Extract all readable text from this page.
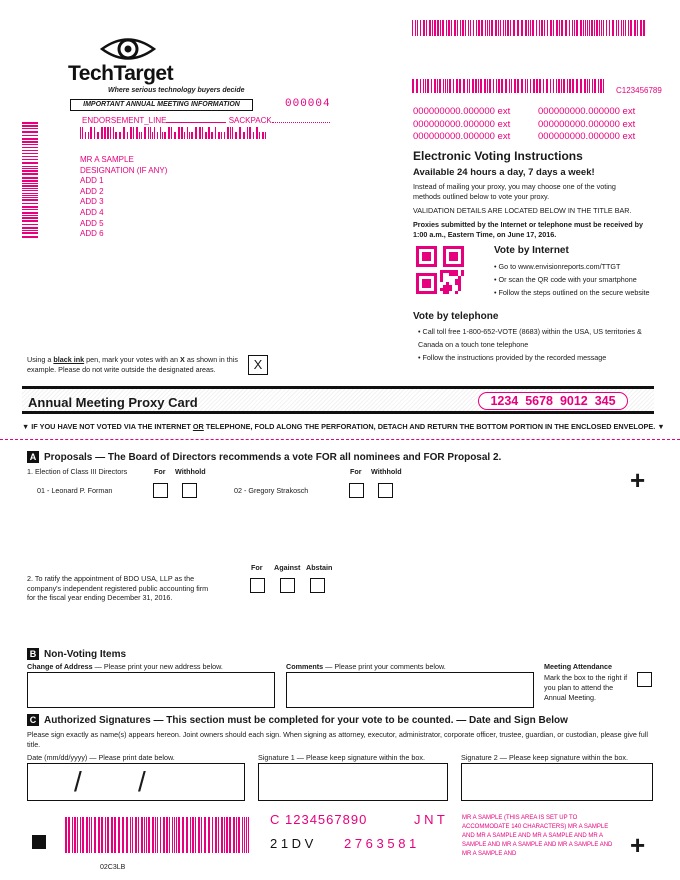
TechTarget
Where serious technology buyers decide
IMPORTANT ANNUAL MEETING INFORMATION	000004
ENDORSEMENT_LINE	SACKPACK
MR A SAMPLE
DESIGNATION (IF ANY)
ADD 1
ADD 2
ADD 3
ADD 4
ADD 5
ADD 6
C123456789
000000000.000000 ext	000000000.000000 ext
000000000.000000 ext	000000000.000000 ext
000000000.000000 ext	000000000.000000 ext
Electronic Voting Instructions
Available 24 hours a day, 7 days a week!
Instead of mailing your proxy, you may choose one of the voting methods outlined below to vote your proxy.
VALIDATION DETAILS ARE LOCATED BELOW IN THE TITLE BAR.
Proxies submitted by the Internet or telephone must be received by 1:00 a.m., Eastern Time, on June 17, 2016.
Vote by Internet
• Go to www.envisionreports.com/TTGT
• Or scan the QR code with your smartphone
• Follow the steps outlined on the secure website
Vote by telephone
• Call toll free 1-800-652-VOTE (8683) within the USA, US territories & Canada on a touch tone telephone
• Follow the instructions provided by the recorded message
Using a black ink pen, mark your votes with an X as shown in this example. Please do not write outside the designated areas.	X
Annual Meeting Proxy Card	1234  5678  9012  345
▼ IF YOU HAVE NOT VOTED VIA THE INTERNET OR TELEPHONE, FOLD ALONG THE PERFORATION, DETACH AND RETURN THE BOTTOM PORTION IN THE ENCLOSED ENVELOPE. ▼
A Proposals — The Board of Directors recommends a vote FOR all nominees and FOR Proposal 2.
1. Election of Class III Directors	For Withhold	For Withhold
01 - Leonard P. Forman	02 - Gregory Strakosch	+
For Against Abstain
2. To ratify the appointment of BDO USA, LLP as the company's independent registered public accounting firm for the fiscal year ending December 31, 2016.
B Non-Voting Items
Change of Address — Please print your new address below.	Comments — Please print your comments below.	Meeting Attendance
Mark the box to the right if you plan to attend the Annual Meeting.
C Authorized Signatures — This section must be completed for your vote to be counted. — Date and Sign Below
Please sign exactly as name(s) appears hereon. Joint owners should each sign. When signing as attorney, executor, administrator, corporate officer, trustee, guardian, or custodian, please give full title.
Date (mm/dd/yyyy) — Please print date below.
/ /
Signature 1 — Please keep signature within the box.	Signature 2 — Please keep signature within the box.
C 1234567890	J N T
2 1 D V 2 7 6 3 5 8 1
MR A SAMPLE (THIS AREA IS SET UP TO ACCOMMODATE 140 CHARACTERS) MR A SAMPLE AND MR A SAMPLE AND MR A SAMPLE AND MR A SAMPLE AND MR A SAMPLE AND MR A SAMPLE AND MR A SAMPLE AND
02C3LB
+
